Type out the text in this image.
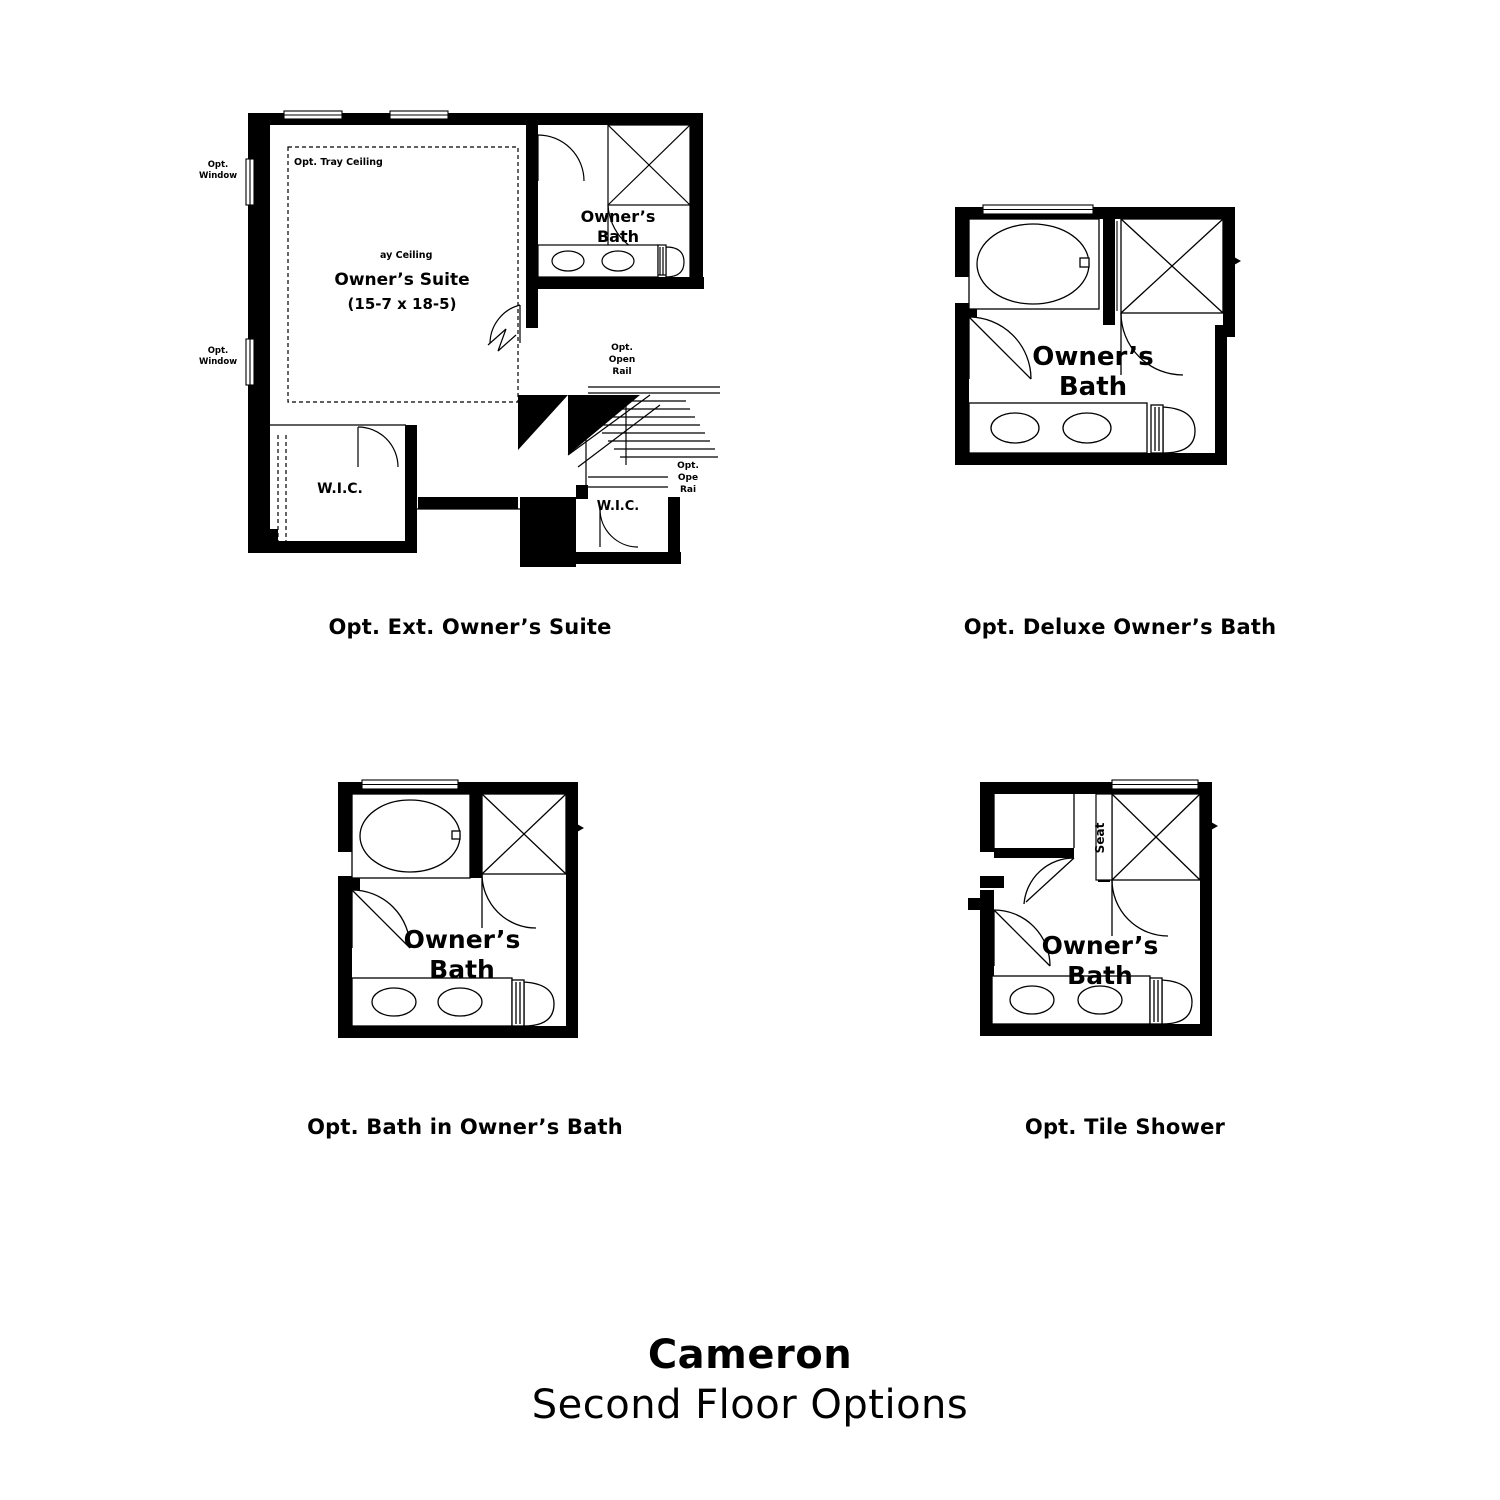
Opt. Tray Ceiling
ay Ceiling
Owner’s Suite
(15-7 x 18-5)
Owner’s
Bath
W.I.C.
W.I.C.
Opt.
Window
Opt.
Window
Opt.
Open
Rail
Opt.
Ope
Rai
Opt. Ext. Owner’s Suite
Owner’s
Bath
Opt. Deluxe Owner’s Bath
Owner’s
Bath
Opt. Bath in Owner’s Bath
Seat
Owner’s
Bath
Opt. Tile Shower
Cameron
Second Floor Options
